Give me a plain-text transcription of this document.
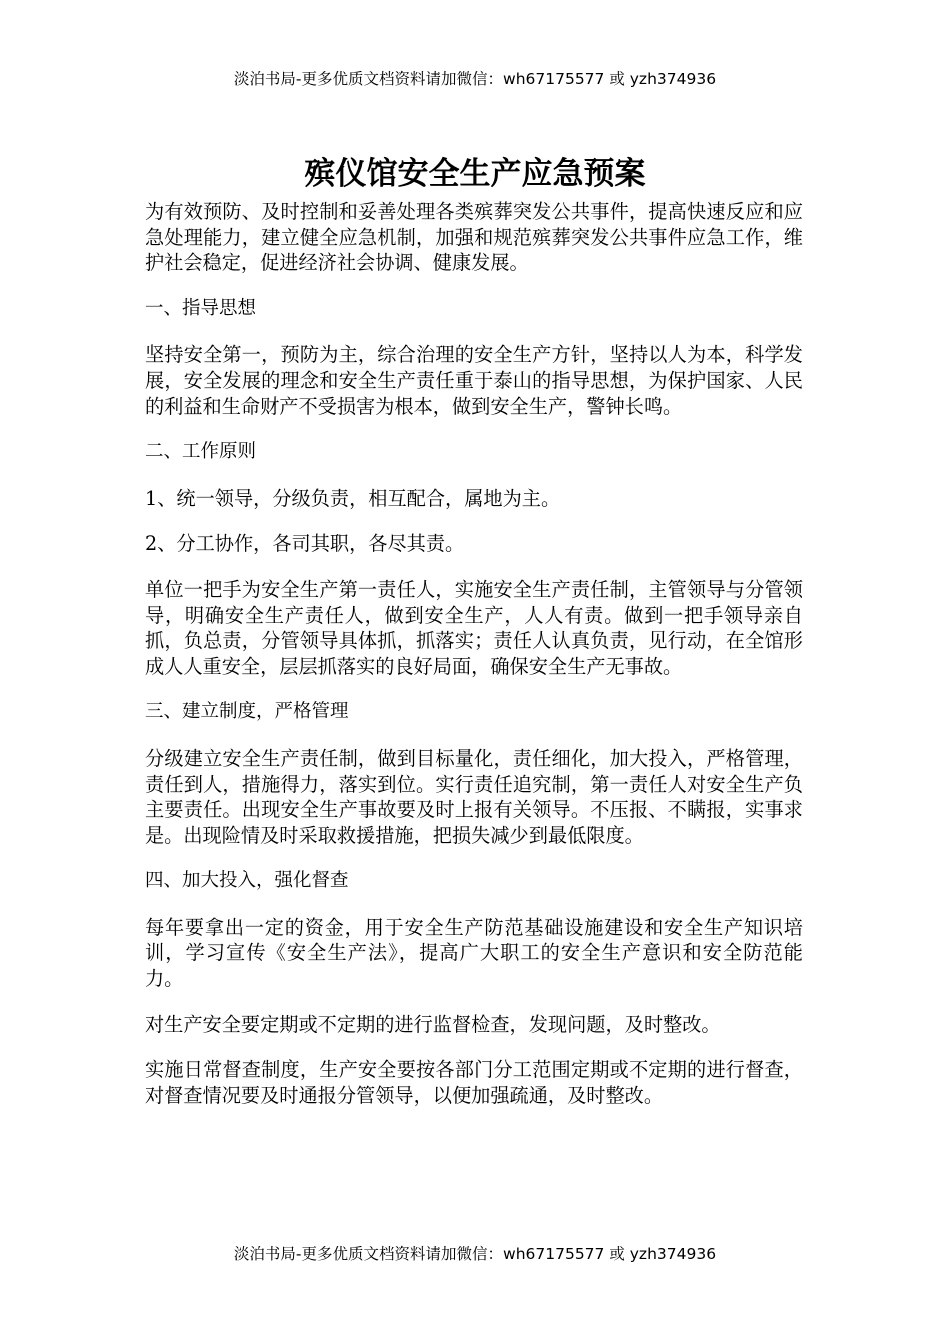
淡泊书局-更多优质文档资料请加微信：wh67175577 或 yzh374936
殡仪馆安全生产应急预案

为有效预防、及时控制和妥善处理各类殡葬突发公共事件，提高快速反应和应急处理能力，建立健全应急机制，加强和规范殡葬突发公共事件应急工作，维护社会稳定，促进经济社会协调、健康发展。

一、指导思想

坚持安全第一，预防为主，综合治理的安全生产方针，坚持以人为本，科学发展，安全发展的理念和安全生产责任重于泰山的指导思想，为保护国家、人民的利益和生命财产不受损害为根本，做到安全生产，警钟长鸣。

二、工作原则

1、统一领导，分级负责，相互配合，属地为主。

2、分工协作，各司其职，各尽其责。

单位一把手为安全生产第一责任人，实施安全生产责任制，主管领导与分管领导，明确安全生产责任人，做到安全生产，人人有责。做到一把手领导亲自抓，负总责，分管领导具体抓，抓落实；责任人认真负责，见行动，在全馆形成人人重安全，层层抓落实的良好局面，确保安全生产无事故。

三、建立制度，严格管理

分级建立安全生产责任制，做到目标量化，责任细化，加大投入，严格管理，责任到人，措施得力，落实到位。实行责任追究制，第一责任人对安全生产负主要责任。出现安全生产事故要及时上报有关领导。不压报、不瞒报，实事求是。出现险情及时采取救援措施，把损失减少到最低限度。

四、加大投入，强化督查

每年要拿出一定的资金，用于安全生产防范基础设施建设和安全生产知识培训，学习宣传《安全生产法》，提高广大职工的安全生产意识和安全防范能力。

对生产安全要定期或不定期的进行监督检查，发现问题，及时整改。

实施日常督查制度，生产安全要按各部门分工范围定期或不定期的进行督查，对督查情况要及时通报分管领导，以便加强疏通，及时整改。

淡泊书局-更多优质文档资料请加微信：wh67175577 或 yzh374936
